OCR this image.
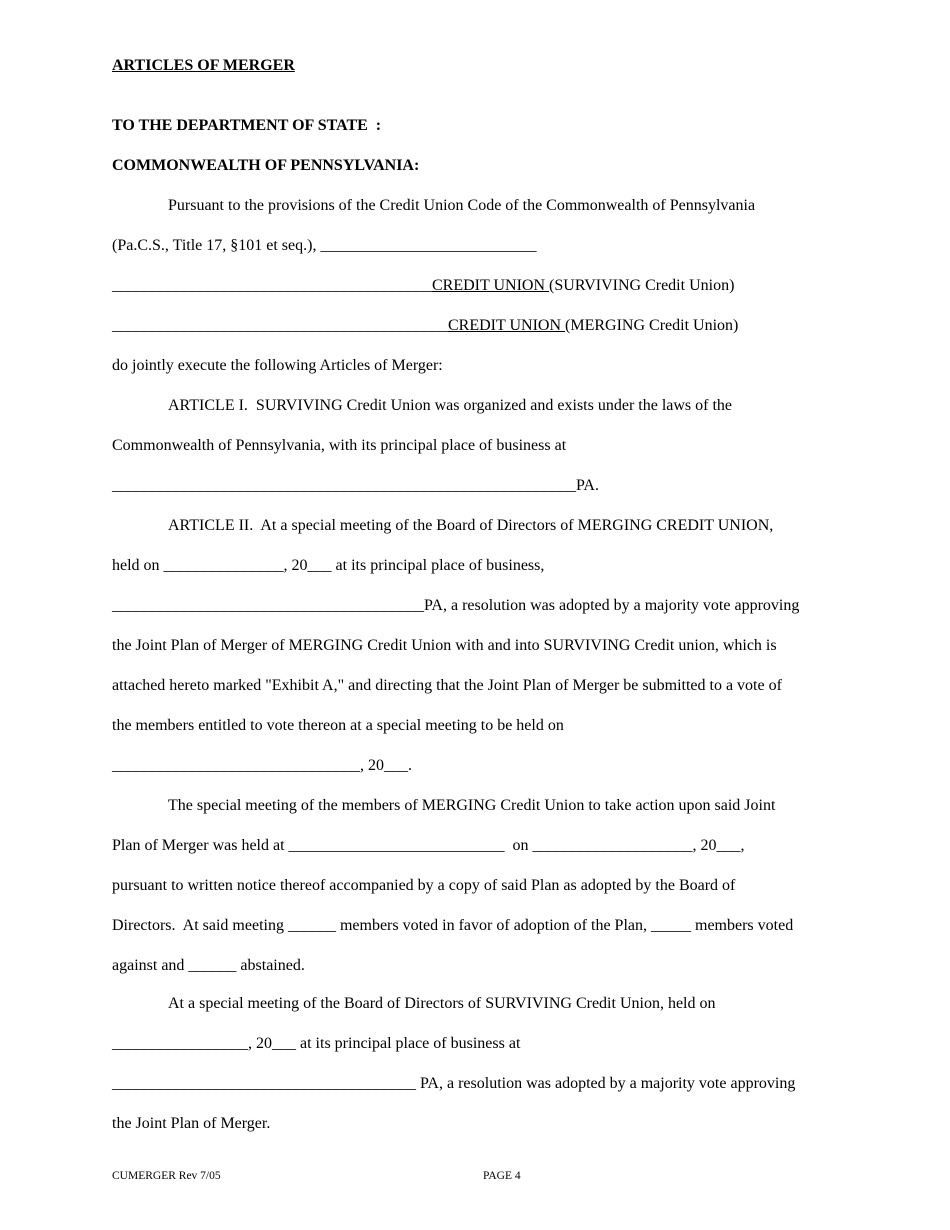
ARTICLES OF MERGER
TO THE DEPARTMENT OF STATE  :
COMMONWEALTH OF PENNSYLVANIA:
Pursuant to the provisions of the Credit Union Code of the Commonwealth of Pennsylvania
(Pa.C.S., Title 17, §101 et seq.), ___________________________
________________________________________CREDIT UNION (SURVIVING Credit Union)
__________________________________________CREDIT UNION (MERGING Credit Union)
do jointly execute the following Articles of Merger:
ARTICLE I.  SURVIVING Credit Union was organized and exists under the laws of the
Commonwealth of Pennsylvania, with its principal place of business at
__________________________________________________________PA.
ARTICLE II.  At a special meeting of the Board of Directors of MERGING CREDIT UNION,
held on _______________, 20___ at its principal place of business,
_______________________________________PA, a resolution was adopted by a majority vote approving
the Joint Plan of Merger of MERGING Credit Union with and into SURVIVING Credit union, which is
attached hereto marked "Exhibit A," and directing that the Joint Plan of Merger be submitted to a vote of
the members entitled to vote thereon at a special meeting to be held on
_______________________________, 20___.
The special meeting of the members of MERGING Credit Union to take action upon said Joint
Plan of Merger was held at ___________________________  on ____________________, 20___,
pursuant to written notice thereof accompanied by a copy of said Plan as adopted by the Board of
Directors.  At said meeting ______ members voted in favor of adoption of the Plan, _____ members voted
against and ______ abstained.
At a special meeting of the Board of Directors of SURVIVING Credit Union, held on
_________________, 20___ at its principal place of business at
______________________________________ PA, a resolution was adopted by a majority vote approving
the Joint Plan of Merger.
CUMERGER Rev 7/05	PAGE 4
